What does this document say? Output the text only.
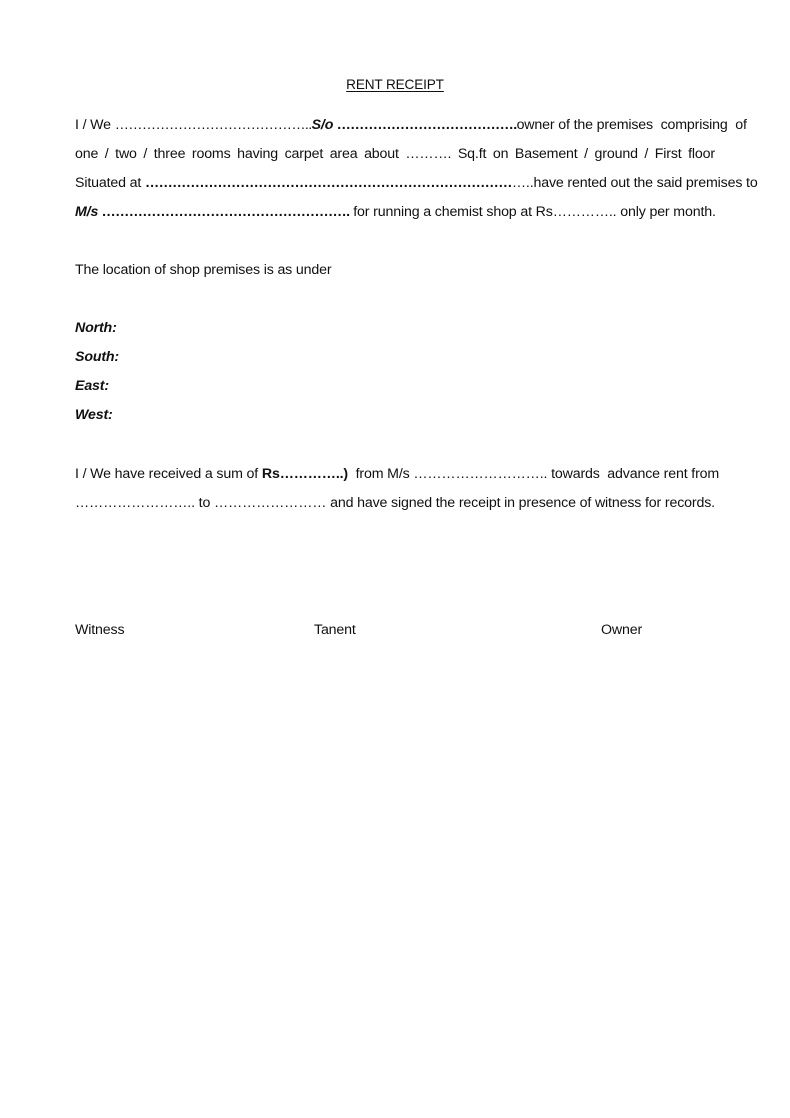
RENT RECEIPT
I / We ……………………………………..S/o …………………………………. owner of the premises  comprising  of
one / two / three rooms having carpet area about ………. Sq.ft on Basement / ground / First floor
Situated at ……………………………………………………………………… …..have rented out the said premises to
M/s ………………………………………………. for running a chemist shop at Rs………….. only per month.
The location of shop premises is as under
North:
South:
East:
West:
I / We have received a sum of Rs…………..)  from M/s ……………………….. towards  advance rent from
…………………….. to …………………… and have signed the receipt in presence of witness for records.
Witness	Tanent	Owner
